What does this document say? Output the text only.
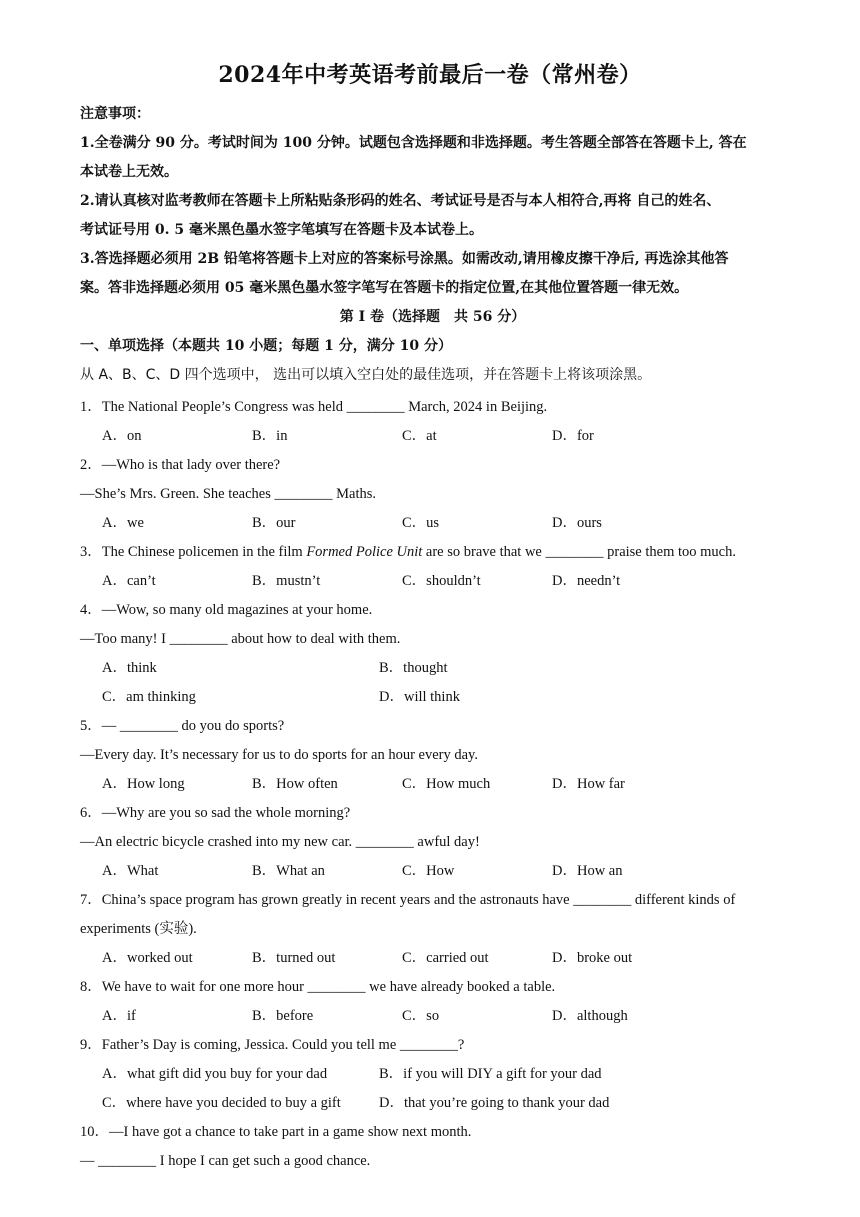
2024年中考英语考前最后一卷（常州卷）
注意事项：
1.全卷满分 90 分。考试时间为 100 分钟。试题包含选择题和非选择题。考生答题全部答在答题卡上, 答在
本试卷上无效。
2.请认真核对监考教师在答题卡上所粘贴条形码的姓名、考试证号是否与本人相符合,再将 自己的姓名、
考试证号用 0. 5 毫米黑色墨水签字笔填写在答题卡及本试卷上。
3.答选择题必须用 2B 铅笔将答题卡上对应的答案标号涂黑。如需改动,请用橡皮擦干净后, 再选涂其他答
案。答非选择题必须用 05 毫米黑色墨水签字笔写在答题卡的指定位置,在其他位置答题一律无效。
第 I 卷（选择题　共 56 分）
一、单项选择（本题共 10 小题；每题 1 分，满分 10 分）
从 A、B、C、D 四个选项中， 选出可以填入空白处的最佳选项，并在答题卡上将该项涂黑。
1．The National People’s Congress was held ________ March, 2024 in Beijing.
A．on	B．in	C．at	D．for
2．—Who is that lady over there?
—She’s Mrs. Green. She teaches ________ Maths.
A．we	B．our	C．us	D．ours
3．The Chinese policemen in the film Formed Police Unit are so brave that we ________ praise them too much.
A．can’t	B．mustn’t	C．shouldn’t	D．needn’t
4．—Wow, so many old magazines at your home.
—Too many! I ________ about how to deal with them.
A．think	B．thought
C．am thinking	D．will think
5．— ________ do you do sports?
—Every day. It’s necessary for us to do sports for an hour every day.
A．How long	B．How often	C．How much	D．How far
6．—Why are you so sad the whole morning?
—An electric bicycle crashed into my new car. ________ awful day!
A．What	B．What an	C．How	D．How an
7．China’s space program has grown greatly in recent years and the astronauts have ________ different kinds of
experiments (实验).
A．worked out	B．turned out	C．carried out	D．broke out
8．We have to wait for one more hour ________ we have already booked a table.
A．if	B．before	C．so	D．although
9．Father’s Day is coming, Jessica. Could you tell me ________?
A．what gift did you buy for your dad	B．if you will DIY a gift for your dad
C．where have you decided to buy a gift	D．that you’re going to thank your dad
10．—I have got a chance to take part in a game show next month.
— ________ I hope I can get such a good chance.
